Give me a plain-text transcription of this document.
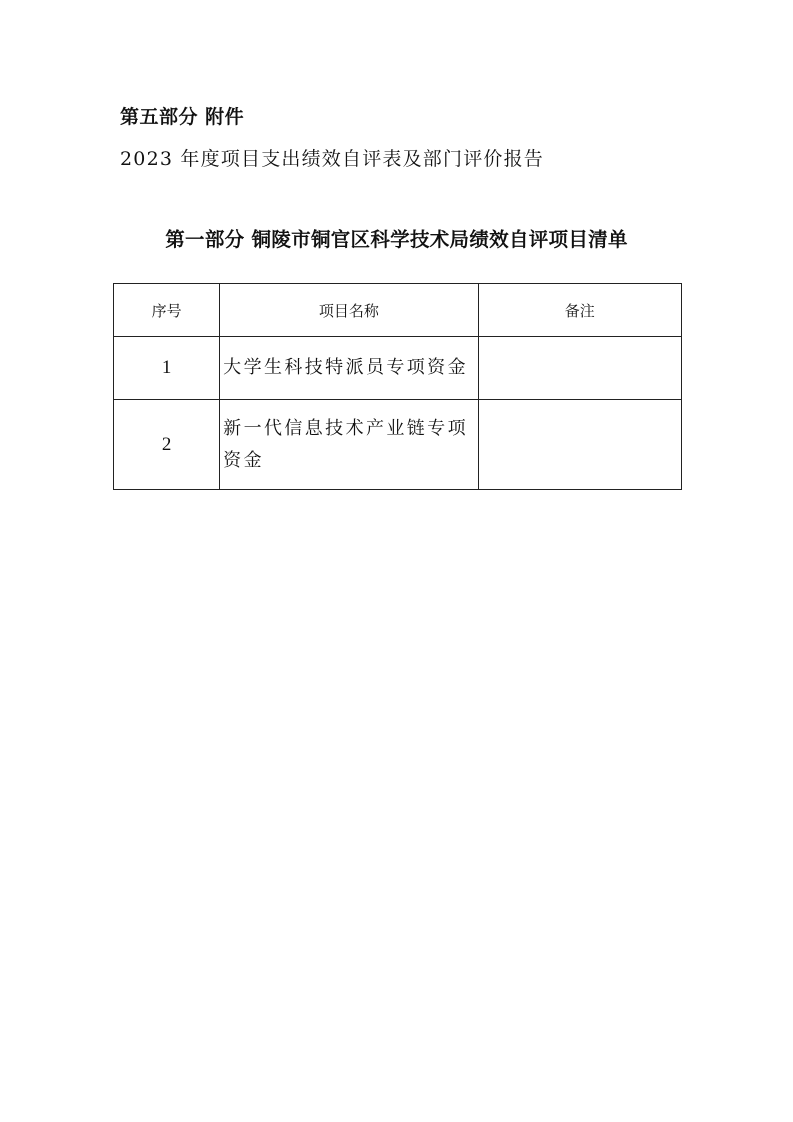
第五部分 附件
2023 年度项目支出绩效自评表及部门评价报告
第一部分 铜陵市铜官区科学技术局绩效自评项目清单
序号	项目名称	备注
1	大学生科技特派员专项资金	
2	新一代信息技术产业链专项资金	
